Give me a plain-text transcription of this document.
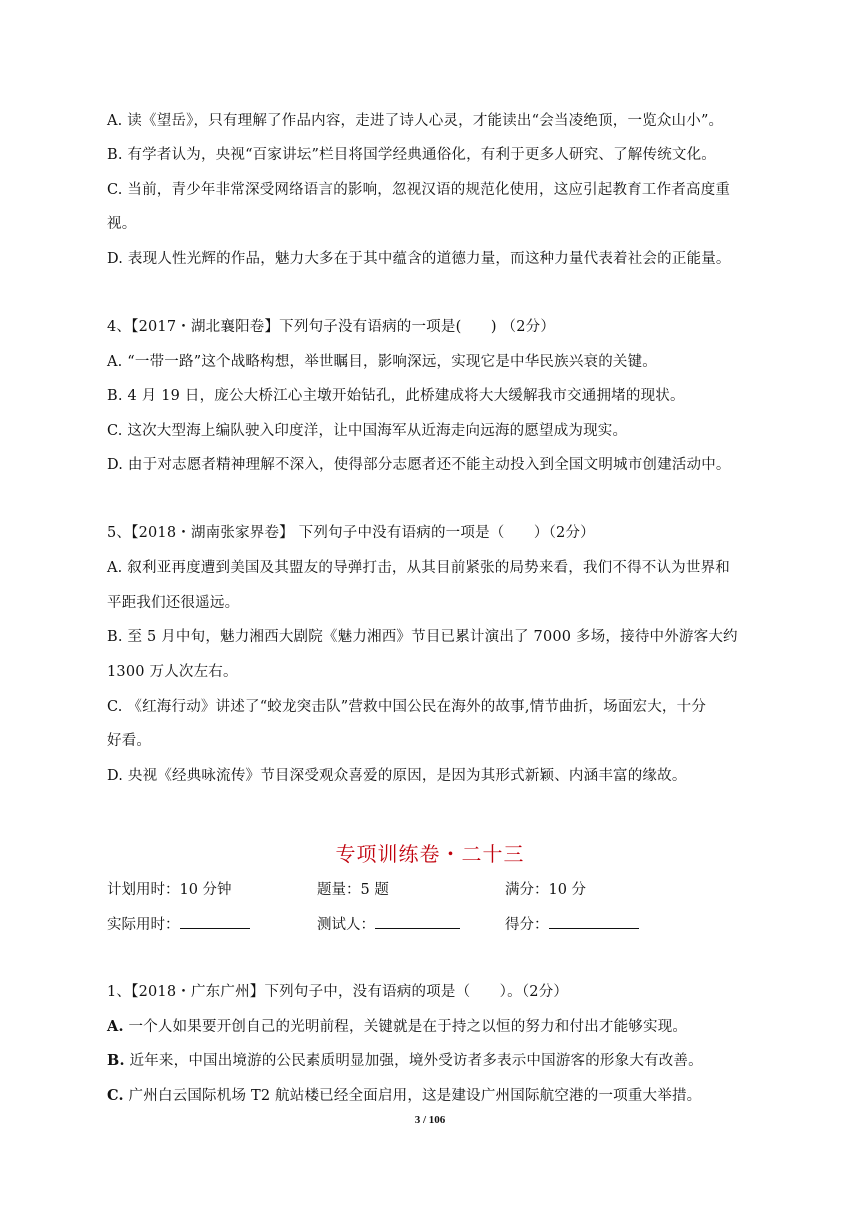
A. 读《望岳》，只有理解了作品内容，走进了诗人心灵，才能读出“会当凌绝顶，一览众山小”。
B. 有学者认为，央视“百家讲坛”栏目将国学经典通俗化，有利于更多人研究、了解传统文化。
C. 当前，青少年非常深受网络语言的影响，忽视汉语的规范化使用，这应引起教育工作者高度重
视。
D. 表现人性光辉的作品，魅力大多在于其中蕴含的道德力量，而这种力量代表着社会的正能量。
4、【2017・湖北襄阳卷】下列句子没有语病的一项是(　　) （2分）
A. “一带一路”这个战略构想，举世瞩目，影响深远，实现它是中华民族兴衰的关键。
B. 4 月 19 日，庞公大桥江心主墩开始钻孔，此桥建成将大大缓解我市交通拥堵的现状。
C. 这次大型海上编队驶入印度洋，让中国海军从近海走向远海的愿望成为现实。
D. 由于对志愿者精神理解不深入，使得部分志愿者还不能主动投入到全国文明城市创建活动中。
5、【2018・湖南张家界卷】 下列句子中没有语病的一项是（　　）（2分）
A. 叙利亚再度遭到美国及其盟友的导弹打击，从其目前紧张的局势来看，我们不得不认为世界和
平距我们还很遥远。
B. 至 5 月中旬，魅力湘西大剧院《魅力湘西》节目已累计演出了 7000 多场，接待中外游客大约
1300 万人次左右。
C. 《红海行动》讲述了“蛟龙突击队”营救中国公民在海外的故事,情节曲折，场面宏大，十分
好看。
D. 央视《经典咏流传》节目深受观众喜爱的原因，是因为其形式新颖、内涵丰富的缘故。
专项训练卷・二十三
计划用时：10 分钟	题量：5 题	满分：10 分
实际用时：	测试人：	得分：
1、【2018・广东广州】下列句子中，没有语病的项是（　　）。（2分）
A. 一个人如果要开创自己的光明前程，关键就是在于持之以恒的努力和付出才能够实现。
B. 近年来，中国出境游的公民素质明显加强，境外受访者多表示中国游客的形象大有改善。
C. 广州白云国际机场 T2 航站楼已经全面启用，这是建设广州国际航空港的一项重大举措。
3 / 106
